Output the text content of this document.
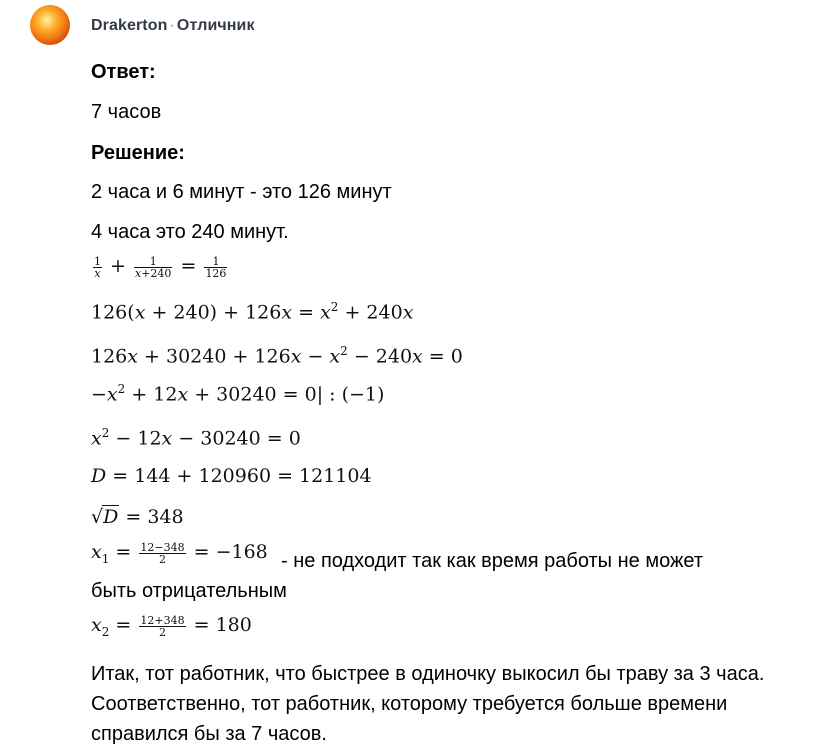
Drakerton · Отличник
Ответ:
7 часов
Решение:
2 часа и 6 минут - это 126 минут
4 часа это 240 минут.
$\frac{1}{x} + \frac{1}{x+240} = \frac{1}{126}$
$126(x + 240) + 126x = x^2 + 240x$
$126x + 30240 + 126x - x^2 - 240x = 0$
$-x^2 + 12x + 30240 = 0|$ : (−1)
$x^2 - 12x - 30240 = 0$
D = 144 + 120960 = 121104
√D = 348
$x_1 = \frac{12-348}{2} = -168$ - не подходит так как время работы не может
быть отрицательным
$x_2 = \frac{12+348}{2} = 180$
Итак, тот работник, что быстрее в одиночку выкосил бы траву за 3 часа. Соответственно, тот работник, которому требуется больше времени справился бы за 7 часов.
